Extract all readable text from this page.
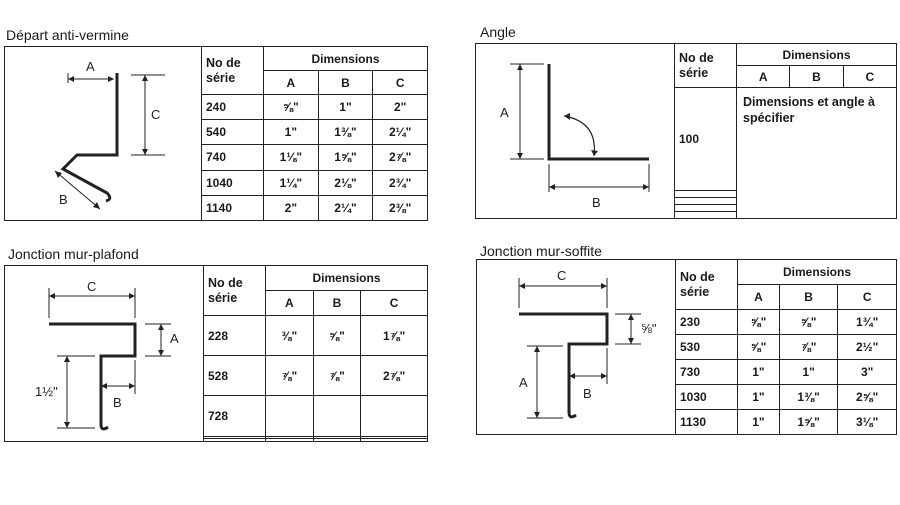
Départ anti-vermine
A
C
B
No de série	Dimensions		
	A	B	C
240	⅝"	1"	2"
540	1"	1⅜"	2¼"
740	1⅛"	1⅝"	2⅞"
1040	1¼"	2⅛"	2¾"
1140	2"	2¼"	2⅜"
Angle
A
B
No de série	Dimensions		
	A	B	C
100	Dimensions et angle à spécifier		

Jonction mur-plafond
C
A
1½"
B
No de série	Dimensions		
	A	B	C
228	⅜"	⅝"	1⅞"
528	⅞"	⅞"	2⅞"
728			

Jonction mur-soffite
C
⅝"
A
B
No de série	Dimensions		
	A	B	C
230	⅝"	⅝"	1¾"
530	⅝"	⅞"	2½"
730	1"	1"	3"
1030	1"	1⅜"	2⅝"
1130	1"	1⅝"	3⅛"
